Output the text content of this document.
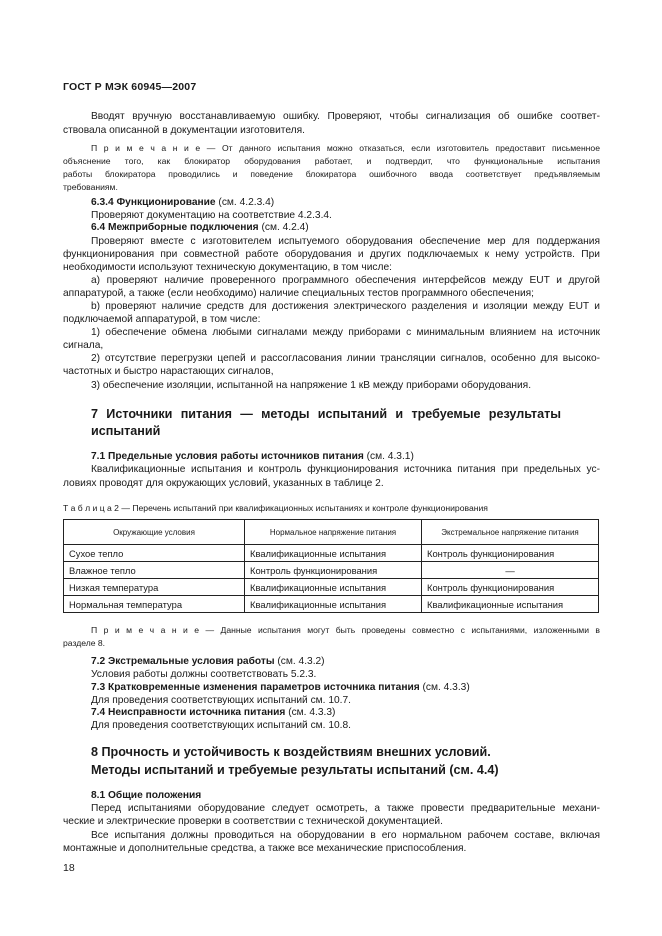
ГОСТ Р МЭК 60945—2007
Вводят вручную восстанавливаемую ошибку. Проверяют, чтобы сигнализация об ошибке соответ-
ствовала описанной в документации изготовителя.
П р и м е ч а н и е — От данного испытания можно отказаться, если изготовитель предоставит письменное
объяснение того, как блокиратор оборудования работает, и подтвердит, что функциональные испытания
работы блокиратора проводились и поведение блокиратора ошибочного ввода соответствует предъявляемым
требованиям.
6.3.4 Функционирование (см. 4.2.3.4)
Проверяют документацию на соответствие 4.2.3.4.
6.4 Межприборные подключения (см. 4.2.4)
Проверяют вместе с изготовителем испытуемого оборудования обеспечение мер для поддержания
функционирования при совместной работе оборудования и других подключаемых к нему устройств. При
необходимости используют техническую документацию, в том числе:
a) проверяют наличие проверенного программного обеспечения интерфейсов между EUT и другой
аппаратурой, а также (если необходимо) наличие специальных тестов программного обеспечения;
b) проверяют наличие средств для достижения электрического разделения и изоляции между EUT и
подключаемой аппаратурой, в том числе:
1) обеспечение обмена любыми сигналами между приборами с минимальным влиянием на источник
сигнала,
2) отсутствие перегрузки цепей и рассогласования линии трансляции сигналов, особенно для высоко-
частотных и быстро нарастающих сигналов,
3) обеспечение изоляции, испытанной на напряжение 1 кВ между приборами оборудования.
7 Источники питания — методы испытаний и требуемые результаты
испытаний
7.1 Предельные условия работы источников питания (см. 4.3.1)
Квалификационные испытания и контроль функционирования источника питания при предельных ус-
ловиях проводят для окружающих условий, указанных в таблице 2.
Т а б л и ц а 2 — Перечень испытаний при квалификационных испытаниях и контроле функционирования
Окружающие условия	Нормальное напряжение питания	Экстремальное напряжение питания
Сухое тепло	Квалификационные испытания	Контроль функционирования
Влажное тепло	Контроль функционирования	—
Низкая температура	Квалификационные испытания	Контроль функционирования
Нормальная температура	Квалификационные испытания	Квалификационные испытания
П р и м е ч а н и е — Данные испытания могут быть проведены совместно с испытаниями, изложенными в
разделе 8.
7.2 Экстремальные условия работы (см. 4.3.2)
Условия работы должны соответствовать 5.2.3.
7.3 Кратковременные изменения параметров источника питания (см. 4.3.3)
Для проведения соответствующих испытаний см. 10.7.
7.4 Неисправности источника питания (см. 4.3.3)
Для проведения соответствующих испытаний см. 10.8.
8 Прочность и устойчивость к воздействиям внешних условий.
Методы испытаний и требуемые результаты испытаний (см. 4.4)
8.1 Общие положения
Перед испытаниями оборудование следует осмотреть, а также провести предварительные механи-
ческие и электрические проверки в соответствии с технической документацией.
Все испытания должны проводиться на оборудовании в его нормальном рабочем составе, включая
монтажные и дополнительные средства, а также все механические приспособления.
18
